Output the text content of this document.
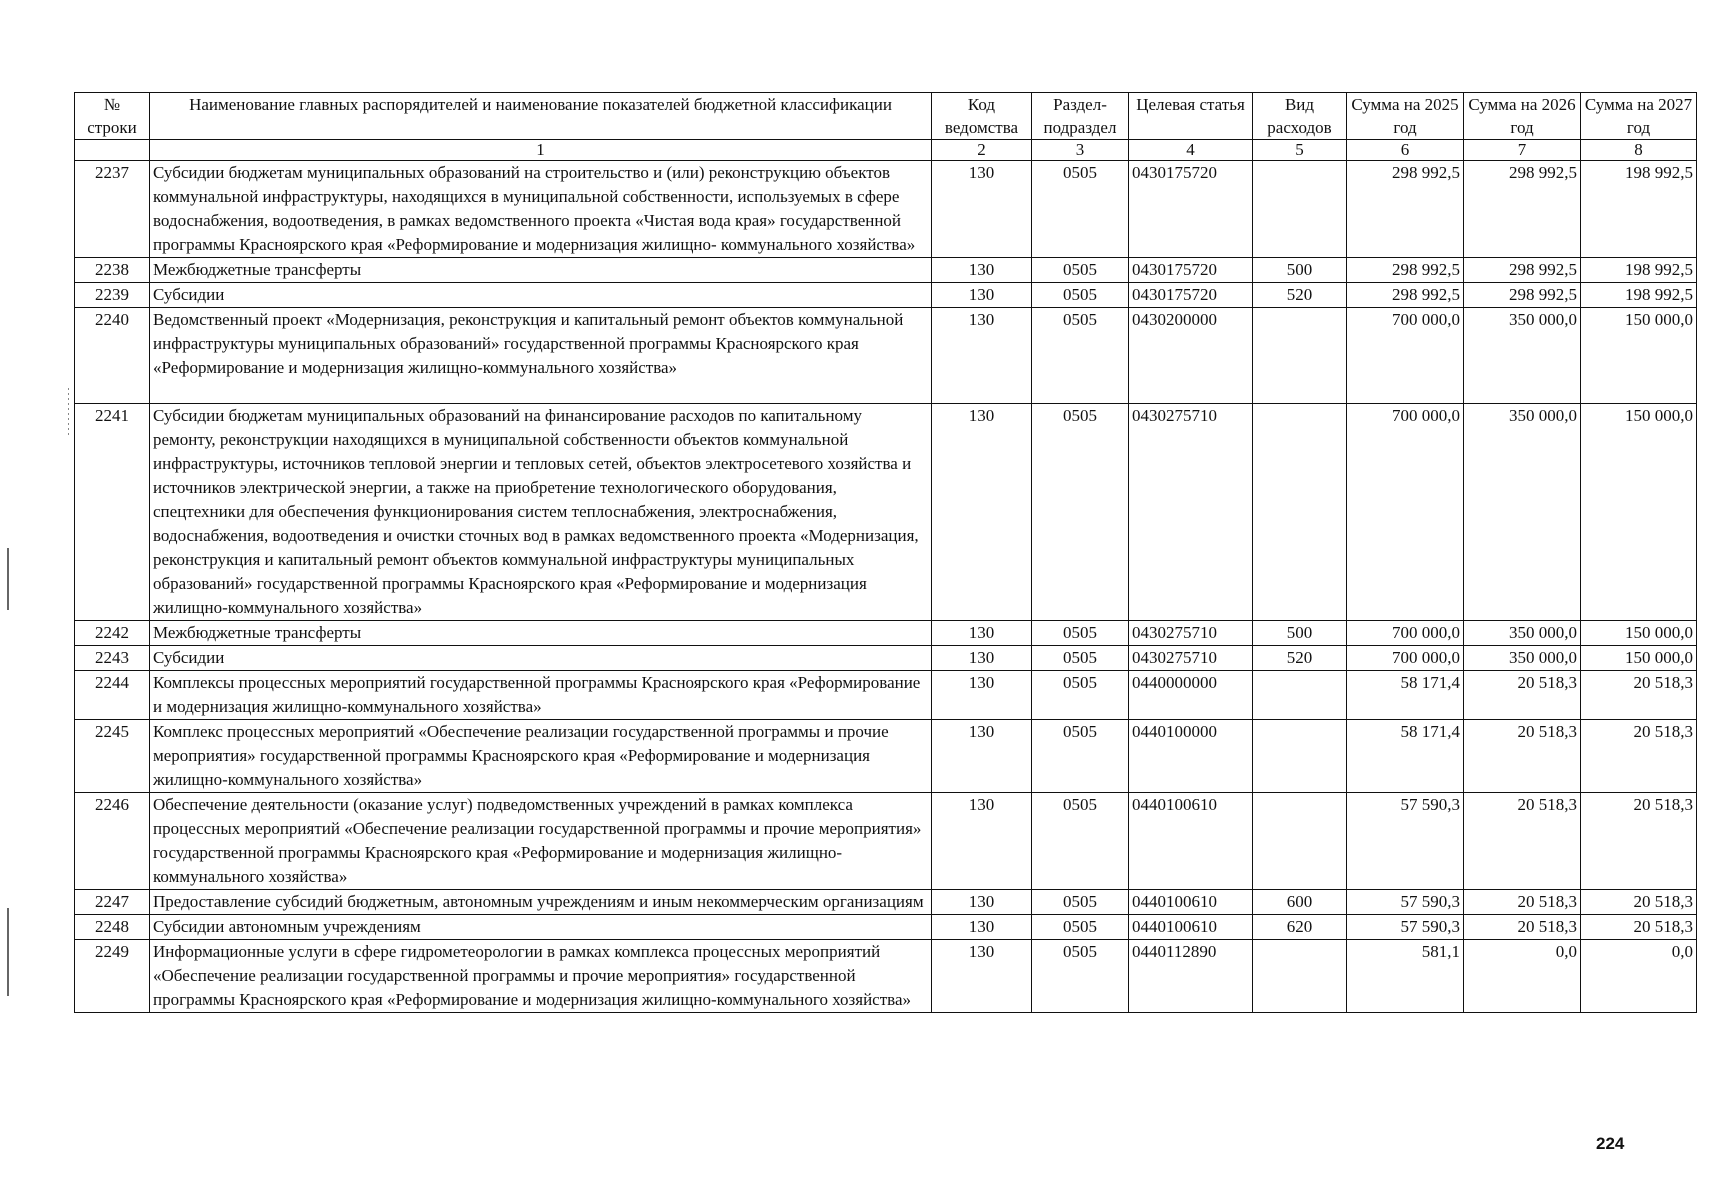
№ строки	Наименование главных распорядителей и наименование показателей бюджетной классификации	Код ведомства	Раздел-подраздел	Целевая статья	Вид расходов	Сумма на 2025 год	Сумма на 2026 год	Сумма на 2027 год
	1	2	3	4	5	6	7	8
2237	Субсидии бюджетам муниципальных образований на строительство и (или) реконструкцию объектов коммунальной инфраструктуры, находящихся в муниципальной собственности, используемых в сфере водоснабжения, водоотведения, в рамках ведомственного проекта «Чистая вода края» государственной программы Красноярского края «Реформирование и модернизация жилищно- коммунального хозяйства»	130	0505	0430175720		298 992,5	298 992,5	198 992,5
2238	Межбюджетные трансферты	130	0505	0430175720	500	298 992,5	298 992,5	198 992,5
2239	Субсидии	130	0505	0430175720	520	298 992,5	298 992,5	198 992,5
2240	Ведомственный проект «Модернизация, реконструкция и капитальный ремонт объектов коммунальной инфраструктуры муниципальных образований» государственной программы Красноярского края «Реформирование и модернизация жилищно-коммунального хозяйства»	130	0505	0430200000		700 000,0	350 000,0	150 000,0
2241	Субсидии бюджетам муниципальных образований на финансирование расходов по капитальному ремонту, реконструкции находящихся в муниципальной собственности объектов коммунальной инфраструктуры, источников тепловой энергии и тепловых сетей, объектов электросетевого хозяйства и источников электрической энергии, а также на приобретение технологического оборудования, спецтехники для обеспечения функционирования систем теплоснабжения, электроснабжения, водоснабжения, водоотведения и очистки сточных вод в рамках ведомственного проекта «Модернизация, реконструкция и капитальный ремонт объектов коммунальной инфраструктуры муниципальных образований» государственной программы Красноярского края «Реформирование и модернизация жилищно-коммунального хозяйства»	130	0505	0430275710		700 000,0	350 000,0	150 000,0
2242	Межбюджетные трансферты	130	0505	0430275710	500	700 000,0	350 000,0	150 000,0
2243	Субсидии	130	0505	0430275710	520	700 000,0	350 000,0	150 000,0
2244	Комплексы процессных мероприятий государственной программы Красноярского края «Реформирование и модернизация жилищно-коммунального хозяйства»	130	0505	0440000000		58 171,4	20 518,3	20 518,3
2245	Комплекс процессных мероприятий «Обеспечение реализации государственной программы и прочие мероприятия» государственной программы Красноярского края «Реформирование и модернизация жилищно-коммунального хозяйства»	130	0505	0440100000		58 171,4	20 518,3	20 518,3
2246	Обеспечение деятельности (оказание услуг) подведомственных учреждений в рамках комплекса процессных мероприятий «Обеспечение реализации государственной программы и прочие мероприятия» государственной программы Красноярского края «Реформирование и модернизация жилищно-коммунального хозяйства»	130	0505	0440100610		57 590,3	20 518,3	20 518,3
2247	Предоставление субсидий бюджетным, автономным учреждениям и иным некоммерческим организациям	130	0505	0440100610	600	57 590,3	20 518,3	20 518,3
2248	Субсидии автономным учреждениям	130	0505	0440100610	620	57 590,3	20 518,3	20 518,3
2249	Информационные услуги в сфере гидрометеорологии в рамках комплекса процессных мероприятий «Обеспечение реализации государственной программы и прочие мероприятия» государственной программы Красноярского края «Реформирование и модернизация жилищно-коммунального хозяйства»	130	0505	0440112890		581,1	0,0	0,0
224
